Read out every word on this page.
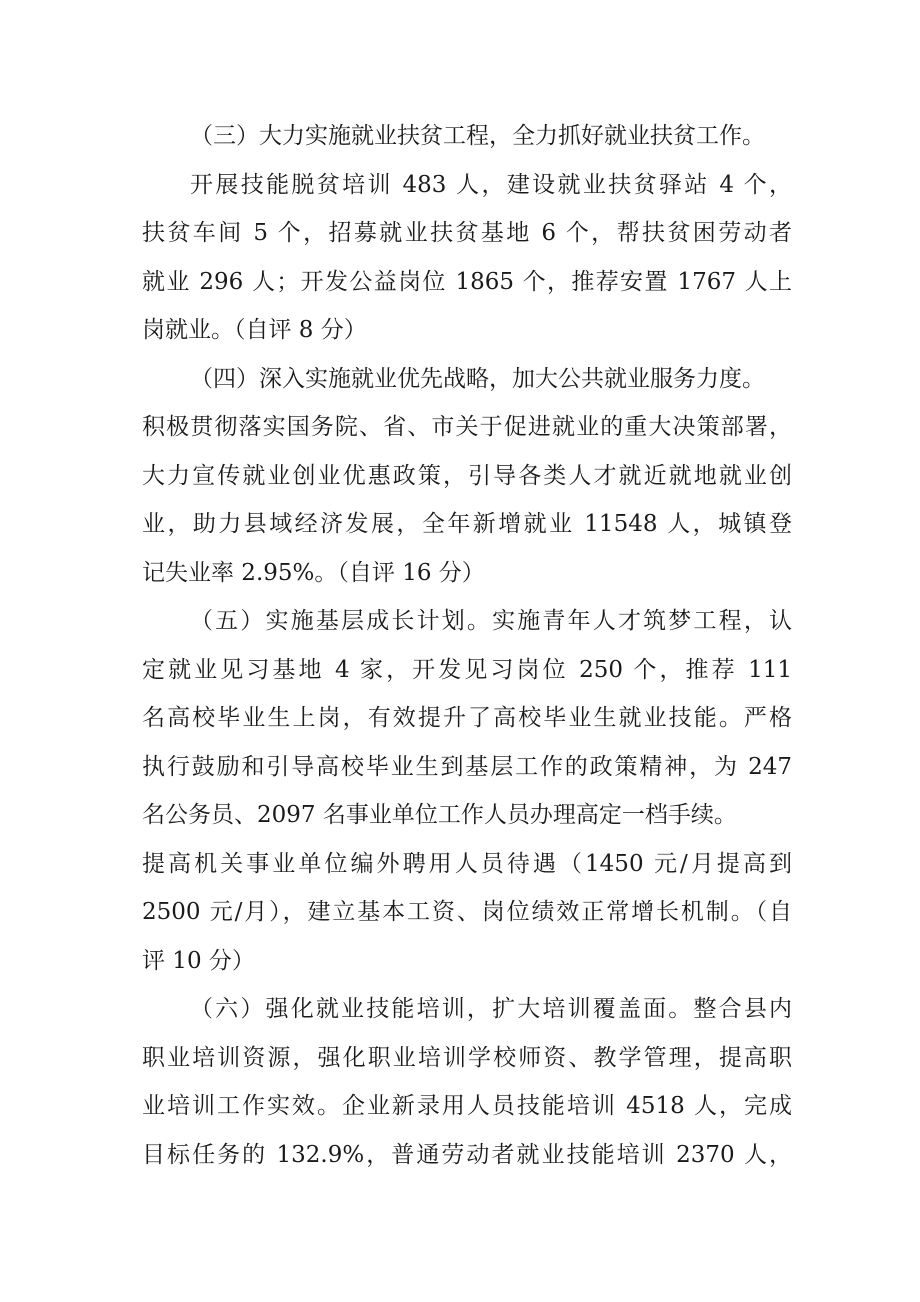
（三）大力实施就业扶贫工程，全力抓好就业扶贫工作。
开展技能脱贫培训 483 人，建设就业扶贫驿站 4 个，
扶贫车间 5 个，招募就业扶贫基地 6 个，帮扶贫困劳动者
就业 296 人；开发公益岗位 1865 个，推荐安置 1767 人上
岗就业。（自评 8 分）
（四）深入实施就业优先战略，加大公共就业服务力度。
积极贯彻落实国务院、省、市关于促进就业的重大决策部署，
大力宣传就业创业优惠政策，引导各类人才就近就地就业创
业，助力县域经济发展，全年新增就业 11548 人，城镇登
记失业率 2.95%。（自评 16 分）
（五）实施基层成长计划。实施青年人才筑梦工程，认
定就业见习基地 4 家，开发见习岗位 250 个，推荐 111
名高校毕业生上岗，有效提升了高校毕业生就业技能。严格
执行鼓励和引导高校毕业生到基层工作的政策精神，为 247
名公务员、2097 名事业单位工作人员办理高定一档手续。
提高机关事业单位编外聘用人员待遇（1450 元/月提高到
2500 元/月），建立基本工资、岗位绩效正常增长机制。（自
评 10 分）
（六）强化就业技能培训，扩大培训覆盖面。整合县内
职业培训资源，强化职业培训学校师资、教学管理，提高职
业培训工作实效。企业新录用人员技能培训 4518 人，完成
目标任务的 132.9%，普通劳动者就业技能培训 2370 人，
